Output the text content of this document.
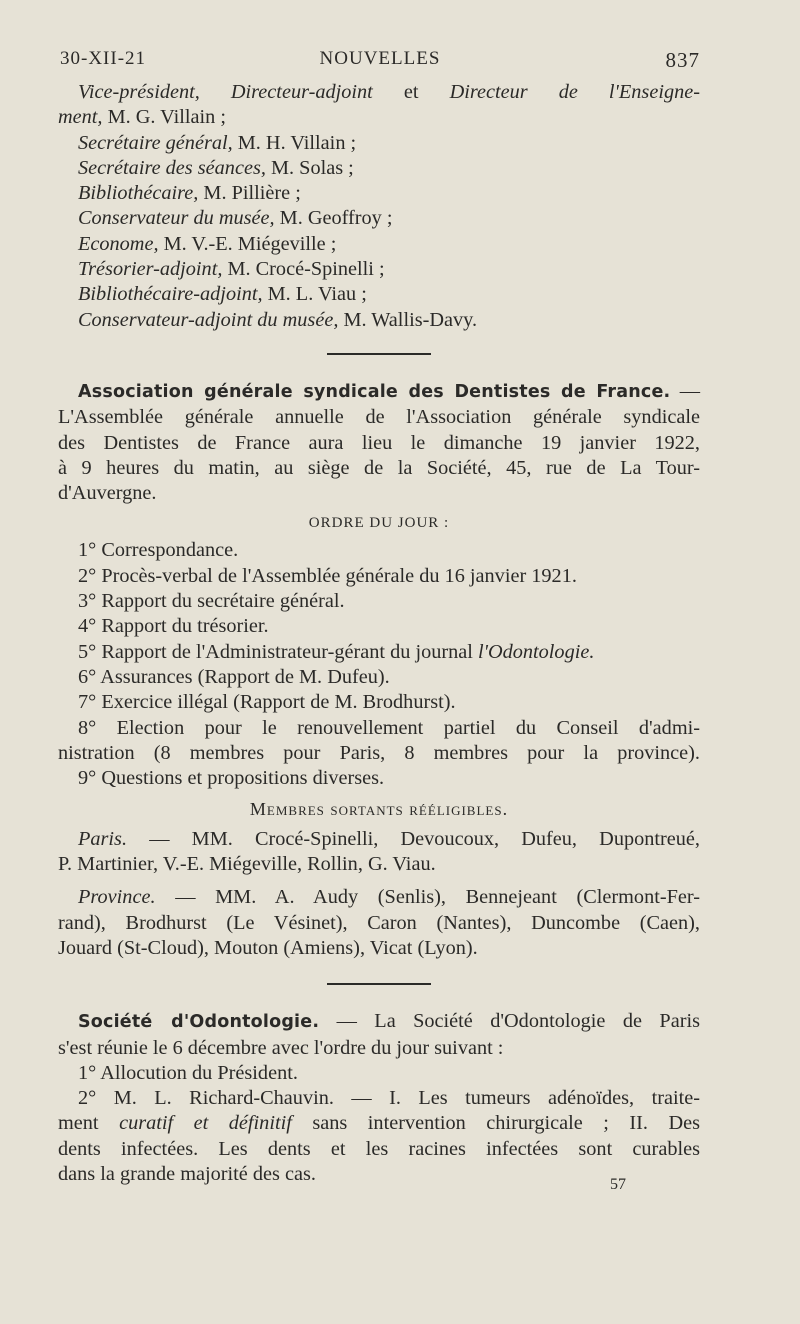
30-XII-21	NOUVELLES	837
Vice-président, Directeur-adjoint et Directeur de l'Enseigne-
ment, M. G. Villain ;
Secrétaire général, M. H. Villain ;
Secrétaire des séances, M. Solas ;
Bibliothécaire, M. Pillière ;
Conservateur du musée, M. Geoffroy ;
Econome, M. V.-E. Miégeville ;
Trésorier-adjoint, M. Crocé-Spinelli ;
Bibliothécaire-adjoint, M. L. Viau ;
Conservateur-adjoint du musée, M. Wallis-Davy.
Association générale syndicale des Dentistes de France. —
L'Assemblée générale annuelle de l'Association générale syndicale
des Dentistes de France aura lieu le dimanche 19 janvier 1922,
à 9 heures du matin, au siège de la Société, 45, rue de La Tour-
d'Auvergne.
ORDRE DU JOUR :
1° Correspondance.
2° Procès-verbal de l'Assemblée générale du 16 janvier 1921.
3° Rapport du secrétaire général.
4° Rapport du trésorier.
5° Rapport de l'Administrateur-gérant du journal l'Odontologie.
6° Assurances (Rapport de M. Dufeu).
7° Exercice illégal (Rapport de M. Brodhurst).
8° Election pour le renouvellement partiel du Conseil d'admi-
nistration (8 membres pour Paris, 8 membres pour la province).
9° Questions et propositions diverses.
Membres sortants rééligibles.
Paris. — MM. Crocé-Spinelli, Devoucoux, Dufeu, Dupontreué,
P. Martinier, V.-E. Miégeville, Rollin, G. Viau.
Province. — MM. A. Audy (Senlis), Bennejeant (Clermont-Fer-
rand), Brodhurst (Le Vésinet), Caron (Nantes), Duncombe (Caen),
Jouard (St-Cloud), Mouton (Amiens), Vicat (Lyon).
Société d'Odontologie. — La Société d'Odontologie de Paris
s'est réunie le 6 décembre avec l'ordre du jour suivant :
1° Allocution du Président.
2° M. L. Richard-Chauvin. — I. Les tumeurs adénoïdes, traite-
ment curatif et définitif sans intervention chirurgicale ; II. Des
dents infectées. Les dents et les racines infectées sont curables
dans la grande majorité des cas.	57
